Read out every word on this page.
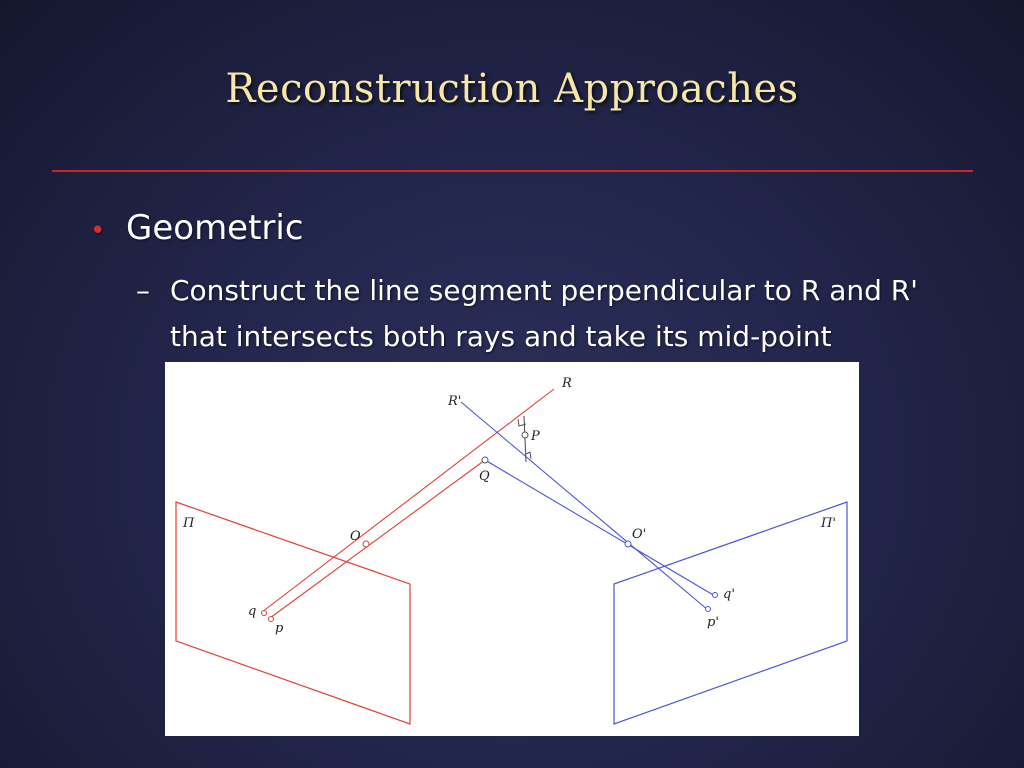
Reconstruction Approaches
• Geometric
– Construct the line segment perpendicular to R and R' that intersects both rays and take its mid-point
R
R'
P
Q
O	O'
Π	Π'
q
p
q'
p'
